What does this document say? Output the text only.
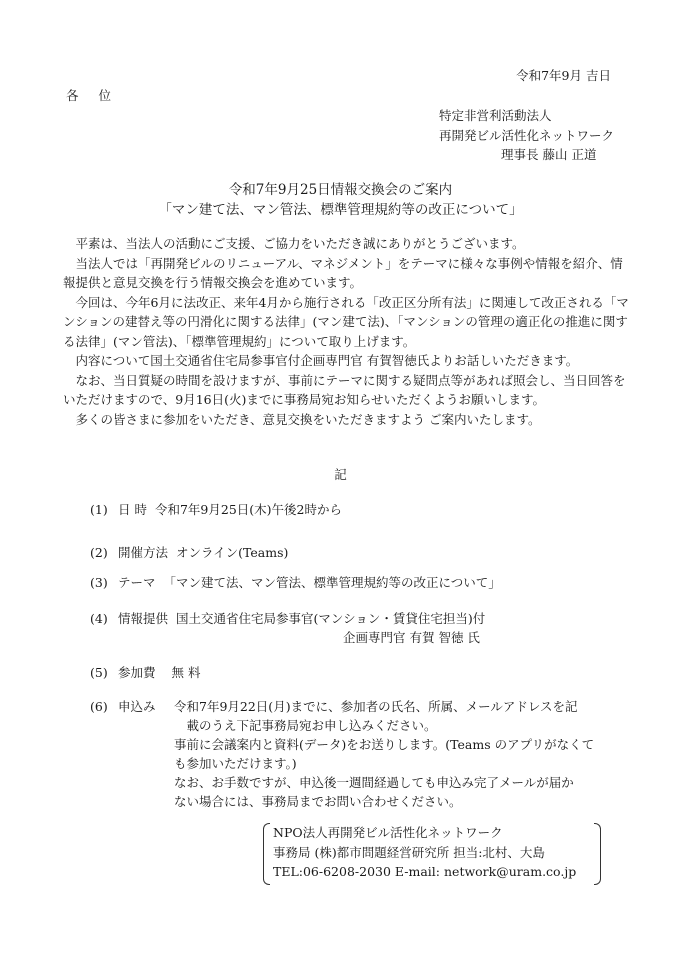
令和7年9月 吉日
各 位
特定非営利活動法人
再開発ビル活性化ネットワーク
理事長 藤山 正道
令和7年9月25日情報交換会のご案内
「マン建て法、マン管法、標準管理規約等の改正について」

平素は、当法人の活動にご支援、ご協力をいただき誠にありがとうございます。

当法人では「再開発ビルのリニューアル、マネジメント」をテーマに様々な事例や情報を紹介、情報提供と意見交換を行う情報交換会を進めています。

今回は、今年6月に法改正、来年4月から施行される「改正区分所有法」に関連して改正される「マンションの建替え等の円滑化に関する法律」(マン建て法)、「マンションの管理の適正化の推進に関する法律」(マン管法)、「標準管理規約」について取り上げます。

内容について国土交通省住宅局参事官付企画専門官 有賀智徳氏よりお話しいただきます。

なお、当日質疑の時間を設けますが、事前にテーマに関する疑問点等があれば照会し、当日回答をいただけますので、9月16日(火)までに事務局宛お知らせいただくようお願いします。

多くの皆さまに参加をいただき、意見交換をいただきますよう ご案内いたします。

記
(1) 日 時 令和7年9月25日(木)午後2時から
(2) 開催方法 オンライン(Teams)
(3) テーマ 「マン建て法、マン管法、標準管理規約等の改正について」
(4) 情報提供 国土交通省住宅局参事官(マンション・賃貸住宅担当)付
企画専門官 有賀 智徳 氏
(5) 参加費 無 料
(6) 申込み 令和7年9月22日(月)までに、参加者の氏名、所属、メールアドレスを記

載のうえ下記事務局宛お申し込みください。

事前に会議案内と資料(データ)をお送りします。(Teams のアプリがなくて

も参加いただけます。)

なお、お手数ですが、申込後一週間経過しても申込み完了メールが届か

ない場合には、事務局までお問い合わせください。

NPO法人再開発ビル活性化ネットワーク
事務局 (株)都市問題経営研究所 担当:北村、大島
TEL:06-6208-2030 E-mail: network@uram.co.jp
